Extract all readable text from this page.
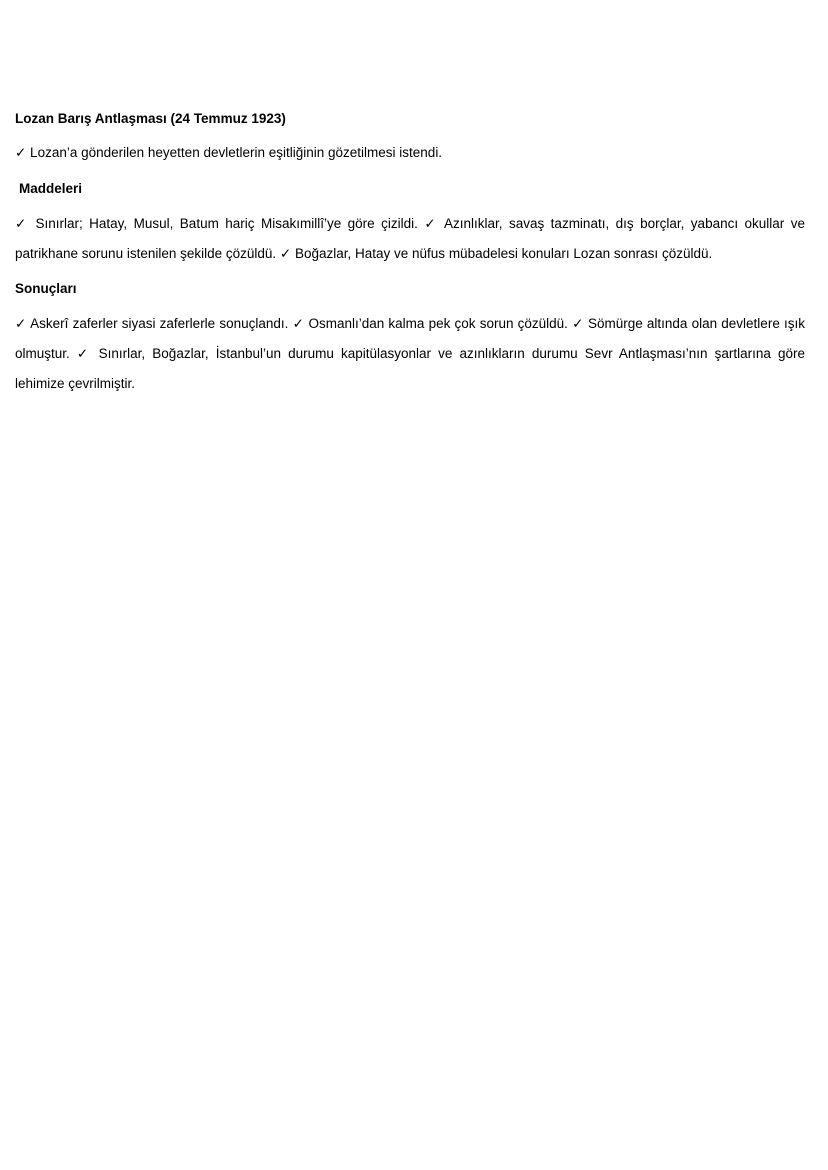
Lozan Barış Antlaşması (24 Temmuz 1923)

✓ Lozan’a gönderilen heyetten devletlerin eşitliğinin gözetilmesi istendi.

Maddeleri

✓ Sınırlar; Hatay, Musul, Batum hariç Misakımillî’ye göre çizildi. ✓ Azınlıklar, savaş tazminatı, dış borçlar, yabancı okullar ve patrikhane sorunu istenilen şekilde çözüldü. ✓ Boğazlar, Hatay ve nüfus mübadelesi konuları Lozan sonrası çözüldü.

Sonuçları

✓ Askerî zaferler siyasi zaferlerle sonuçlandı. ✓ Osmanlı’dan kalma pek çok sorun çözüldü. ✓ Sömürge altında olan devletlere ışık olmuştur. ✓ Sınırlar, Boğazlar, İstanbul’un durumu kapitülasyonlar ve azınlıkların durumu Sevr Antlaşması’nın şartlarına göre lehimize çevrilmiştir.
